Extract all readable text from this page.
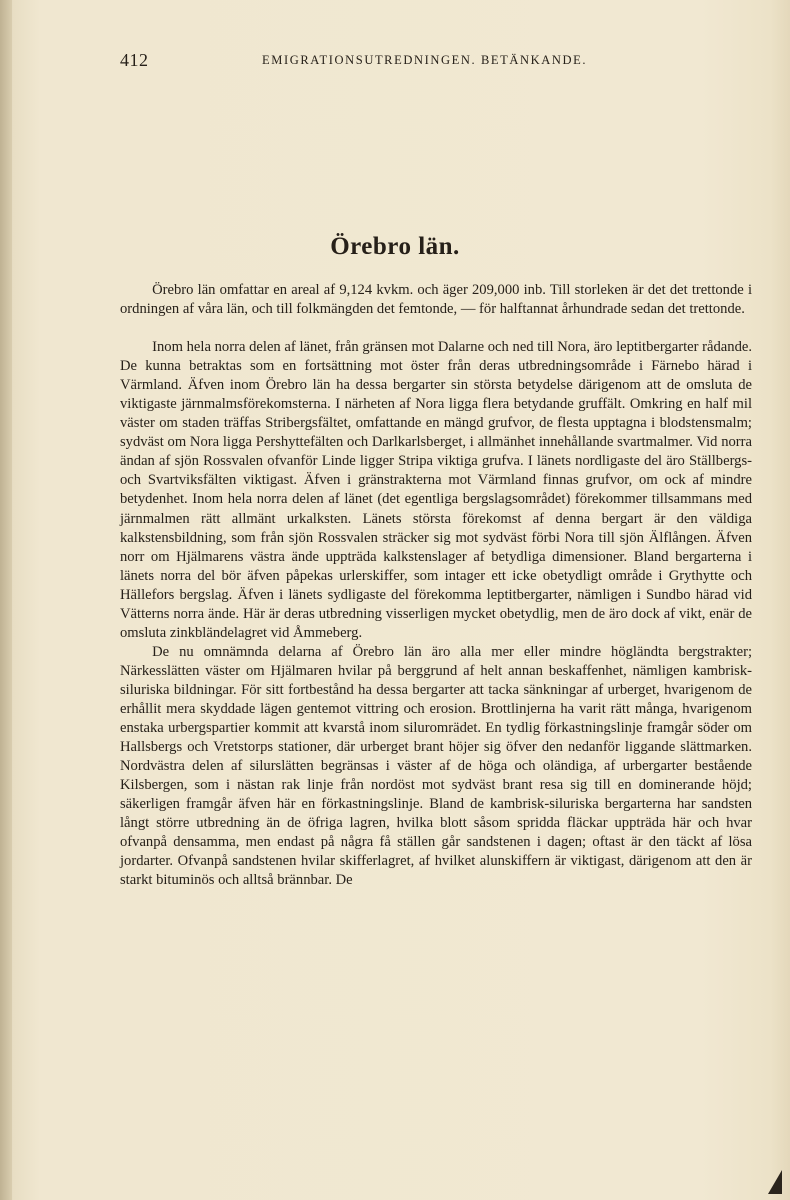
412	EMIGRATIONSUTREDNINGEN. BETÄNKANDE.
Örebro län.

Örebro län omfattar en areal af 9,124 kvkm. och äger 209,000 inb. Till storleken är det det trettonde i ordningen af våra län, och till folkmängden det femtonde, — för halftannat århundrade sedan det trettonde.

Inom hela norra delen af länet, från gränsen mot Dalarne och ned till Nora, äro leptitbergarter rådande. De kunna betraktas som en fortsättning mot öster från deras utbredningsområde i Färnebo härad i Värmland. Äfven inom Örebro län ha dessa bergarter sin största betydelse därigenom att de omsluta de viktigaste järnmalmsförekomsterna. I närheten af Nora ligga flera betydande gruffält. Omkring en half mil väster om staden träffas Stribergsfältet, omfattande en mängd grufvor, de flesta upptagna i blodstensmalm; sydväst om Nora ligga Pershyttefälten och Darlkarlsberget, i allmänhet innehållande svartmalmer. Vid norra ändan af sjön Rossvalen ofvanför Linde ligger Stripa viktiga grufva. I länets nordligaste del äro Ställbergs- och Svartviksfälten viktigast. Äfven i gränstrakterna mot Värmland finnas grufvor, om ock af mindre betydenhet. Inom hela norra delen af länet (det egentliga bergslagsområdet) förekommer tillsammans med järnmalmen rätt allmänt urkalksten. Länets största förekomst af denna bergart är den väldiga kalkstensbildning, som från sjön Rossvalen sträcker sig mot sydväst förbi Nora till sjön Älflången. Äfven norr om Hjälmarens västra ände uppträda kalkstenslager af betydliga dimensioner. Bland bergarterna i länets norra del bör äfven påpekas urlerskiffer, som intager ett icke obetydligt område i Grythytte och Hällefors bergslag. Äfven i länets sydligaste del förekomma leptitbergarter, nämligen i Sundbo härad vid Vätterns norra ände. Här är deras utbredning visserligen mycket obetydlig, men de äro dock af vikt, enär de omsluta zinkbländelagret vid Åmmeberg.

De nu omnämnda delarna af Örebro län äro alla mer eller mindre högländta bergstrakter; Närkesslätten väster om Hjälmaren hvilar på berggrund af helt annan beskaffenhet, nämligen kambrisk-siluriska bildningar. För sitt fortbestånd ha dessa bergarter att tacka sänkningar af urberget, hvarigenom de erhållit mera skyddade lägen gentemot vittring och erosion. Brottlinjerna ha varit rätt många, hvarigenom enstaka urbergspartier kommit att kvarstå inom siluromrädet. En tydlig förkastningslinje framgår söder om Hallsbergs och Vretstorps stationer, där urberget brant höjer sig öfver den nedanför liggande slättmarken. Nordvästra delen af silurslätten begränsas i väster af de höga och oländiga, af urbergarter bestående Kilsbergen, som i nästan rak linje från nordöst mot sydväst brant resa sig till en dominerande höjd; säkerligen framgår äfven här en förkastningslinje. Bland de kambrisk-siluriska bergarterna har sandsten långt större utbredning än de öfriga lagren, hvilka blott såsom spridda fläckar uppträda här och hvar ofvanpå densamma, men endast på några få ställen går sandstenen i dagen; oftast är den täckt af lösa jordarter. Ofvanpå sandstenen hvilar skifferlagret, af hvilket alunskiffern är viktigast, därigenom att den är starkt bituminös och alltså brännbar. De
